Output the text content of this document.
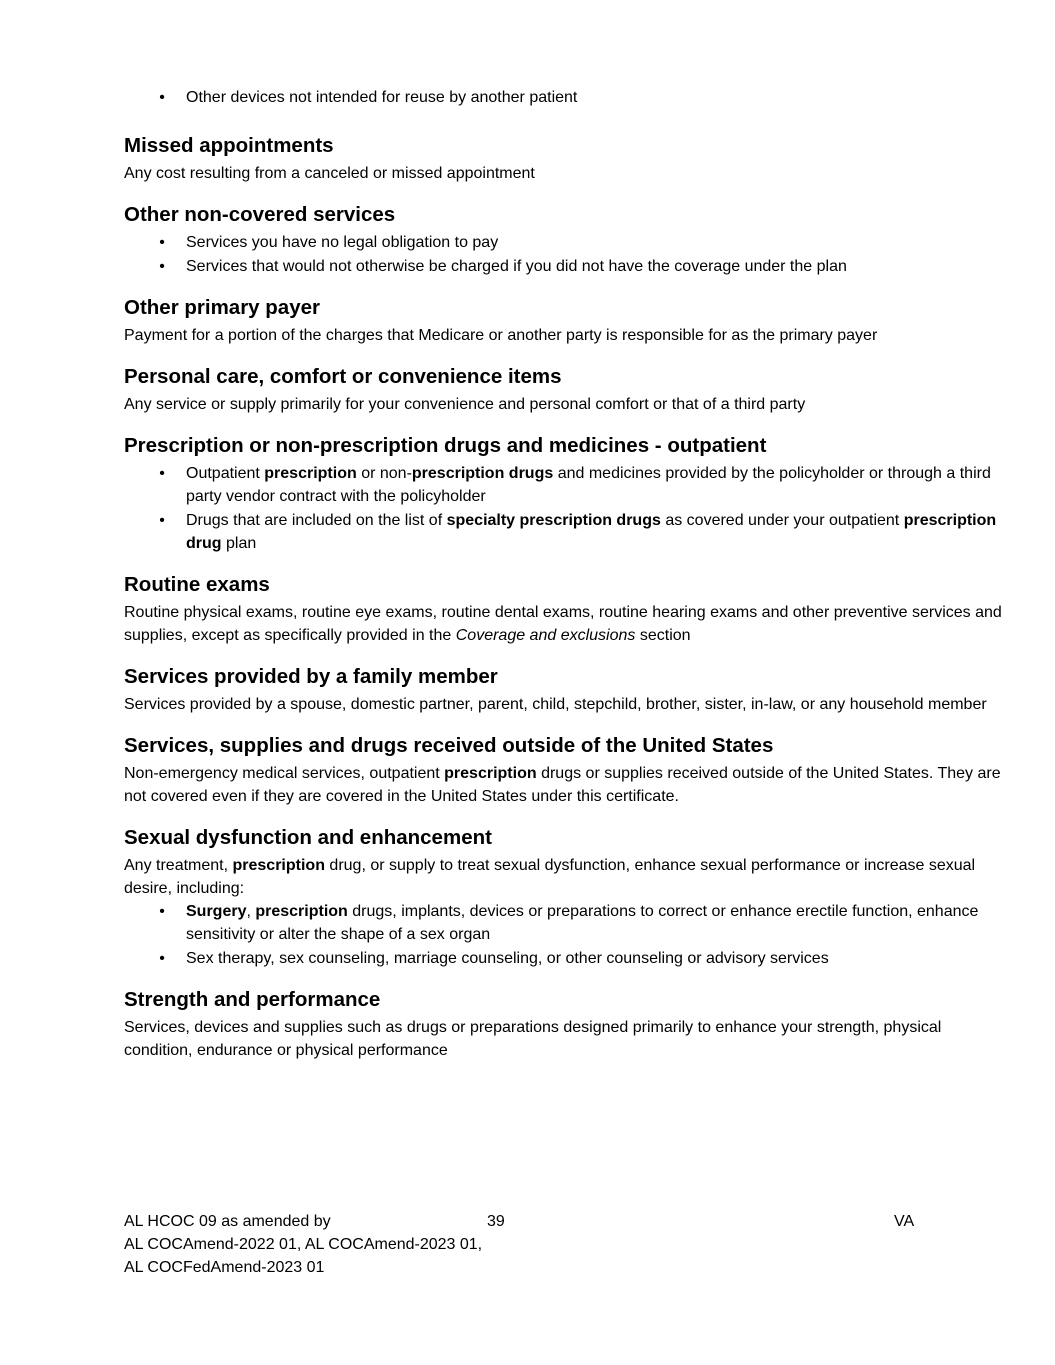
• Other devices not intended for reuse by another patient
Missed appointments

Any cost resulting from a canceled or missed appointment

Other non-covered services
• Services you have no legal obligation to pay
• Services that would not otherwise be charged if you did not have the coverage under the plan
Other primary payer

Payment for a portion of the charges that Medicare or another party is responsible for as the primary payer

Personal care, comfort or convenience items

Any service or supply primarily for your convenience and personal comfort or that of a third party

Prescription or non-prescription drugs and medicines - outpatient
• Outpatient prescription or non-prescription drugs and medicines provided by the policyholder or through a third party vendor contract with the policyholder
• Drugs that are included on the list of specialty prescription drugs as covered under your outpatient prescription drug plan
Routine exams

Routine physical exams, routine eye exams, routine dental exams, routine hearing exams and other preventive services and supplies, except as specifically provided in the Coverage and exclusions section

Services provided by a family member

Services provided by a spouse, domestic partner, parent, child, stepchild, brother, sister, in-law, or any household member

Services, supplies and drugs received outside of the United States

Non-emergency medical services, outpatient prescription drugs or supplies received outside of the United States. They are not covered even if they are covered in the United States under this certificate.

Sexual dysfunction and enhancement

Any treatment, prescription drug, or supply to treat sexual dysfunction, enhance sexual performance or increase sexual desire, including:

• Surgery, prescription drugs, implants, devices or preparations to correct or enhance erectile function, enhance sensitivity or alter the shape of a sex organ
• Sex therapy, sex counseling, marriage counseling, or other counseling or advisory services
Strength and performance

Services, devices and supplies such as drugs or preparations designed primarily to enhance your strength, physical condition, endurance or physical performance

AL HCOC 09 as amended by
AL COCAmend-2022 01, AL COCAmend-2023 01,
AL COCFedAmend-2023 01
39	VA
